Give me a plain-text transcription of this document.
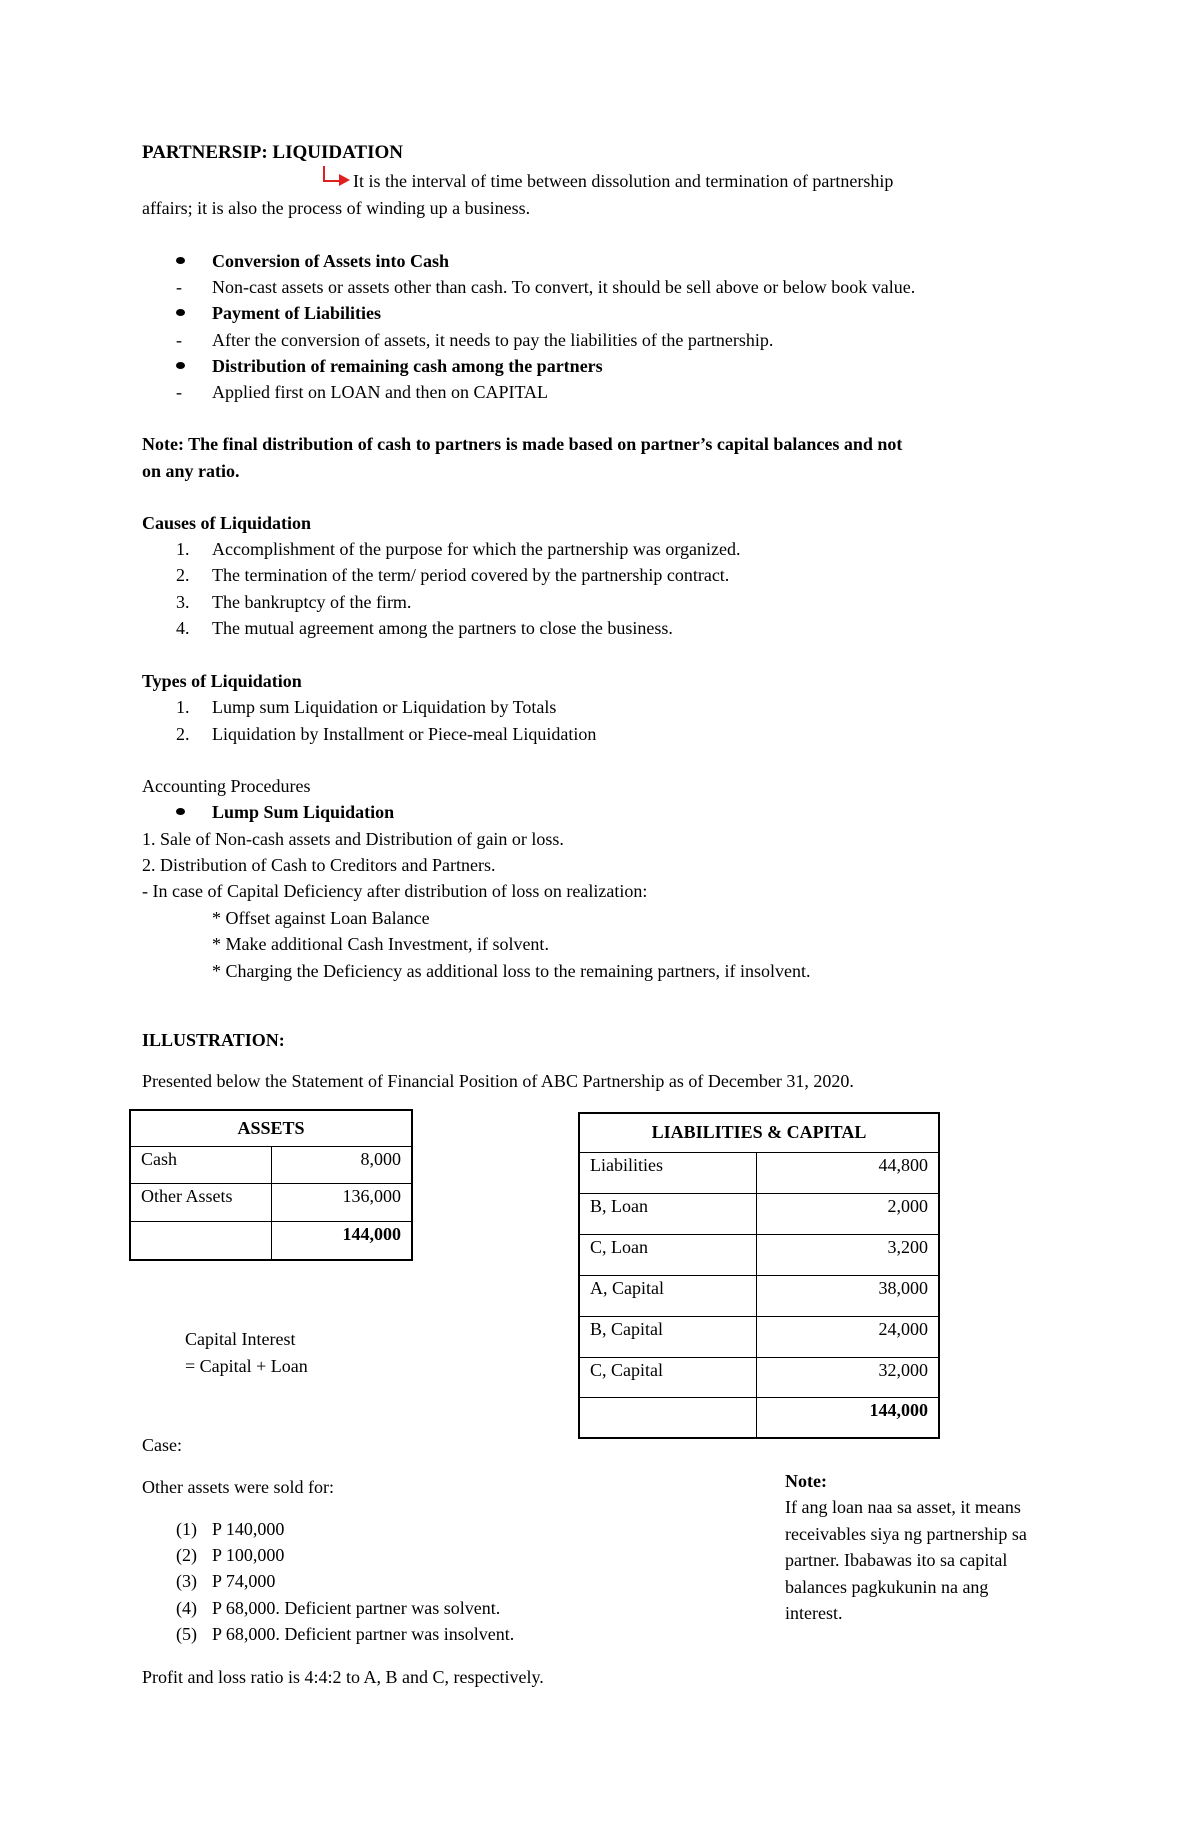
PARTNERSIP: LIQUIDATION
It is the interval of time between dissolution and termination of partnership
affairs; it is also the process of winding up a business.
Conversion of Assets into Cash
- Non-cast assets or assets other than cash. To convert, it should be sell above or below book value.
Payment of Liabilities
- After the conversion of assets, it needs to pay the liabilities of the partnership.
Distribution of remaining cash among the partners
- Applied first on LOAN and then on CAPITAL
Note: The final distribution of cash to partners is made based on partner’s capital balances and not
on any ratio.
Causes of Liquidation
1. Accomplishment of the purpose for which the partnership was organized.
2. The termination of the term/ period covered by the partnership contract.
3. The bankruptcy of the firm.
4. The mutual agreement among the partners to close the business.
Types of Liquidation
1. Lump sum Liquidation or Liquidation by Totals
2. Liquidation by Installment or Piece-meal Liquidation
Accounting Procedures
Lump Sum Liquidation
1. Sale of Non-cash assets and Distribution of gain or loss.
2. Distribution of Cash to Creditors and Partners.
- In case of Capital Deficiency after distribution of loss on realization:
* Offset against Loan Balance
* Make additional Cash Investment, if solvent.
* Charging the Deficiency as additional loss to the remaining partners, if insolvent.
ILLUSTRATION:
Presented below the Statement of Financial Position of ABC Partnership as of December 31, 2020.
ASSETS	
Cash	8,000
Other Assets	136,000
	144,000
LIABILITIES & CAPITAL	
Liabilities	44,800
B, Loan	2,000
C, Loan	3,200
A, Capital	38,000
B, Capital	24,000
C, Capital	32,000
	144,000
Capital Interest
= Capital + Loan
Case:
Other assets were sold for:
(1) P 140,000
(2) P 100,000
(3) P 74,000
(4) P 68,000. Deficient partner was solvent.
(5) P 68,000. Deficient partner was insolvent.
Profit and loss ratio is 4:4:2 to A, B and C, respectively.
Note:
If ang loan naa sa asset, it means
receivables siya ng partnership sa
partner. Ibabawas ito sa capital
balances pagkukunin na ang
interest.
